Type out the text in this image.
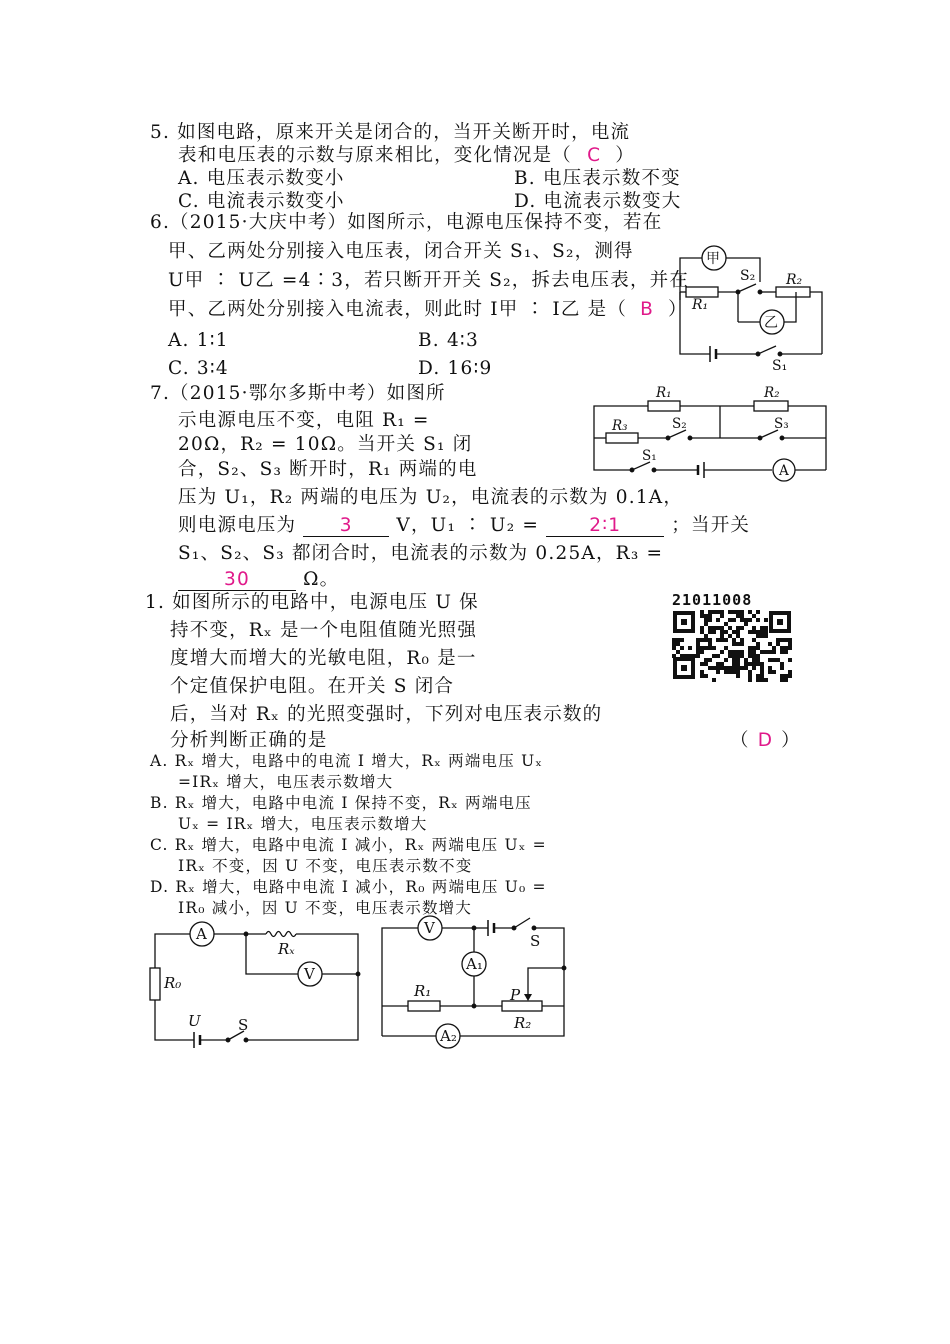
5. 如图电路，原来开关是闭合的，当开关断开时，电流
表和电压表的示数与原来相比，变化情况是（ C ）
A. 电压表示数变小	B. 电压表示数不变
C. 电流表示数变小	D. 电流表示数变大
6.（2015·大庆中考）如图所示，电源电压保持不变，若在
甲、乙两处分别接入电压表，闭合开关 S₁、S₂，测得
U甲 ∶ U乙 =4∶3，若只断开开关 S₂，拆去电压表，并在
甲、乙两处分别接入电流表，则此时 I甲 ∶ I乙 是（ B ）
A. 1∶1	B. 4∶3
C. 3∶4	D. 16∶9
甲
乙
R₁
R₂
S₂
S₁
7.（2015·鄂尔多斯中考）如图所
示电源电压不变，电阻 R₁ =
20Ω，R₂ = 10Ω。当开关 S₁ 闭
合，S₂、S₃ 断开时，R₁ 两端的电
压为 U₁，R₂ 两端的电压为 U₂，电流表的示数为 0.1A，
则电源电压为 3 V，U₁ ∶ U₂ =	2∶1	；当开关
S₁、S₂、S₃ 都闭合时，电流表的示数为 0.25A，R₃ =
30	Ω。
R₁	R₂
R₃	S₂	S₃
S₁
A
1. 如图所示的电路中，电源电压 U 保
持不变，Rₓ 是一个电阻值随光照强
度增大而增大的光敏电阻，R₀ 是一
个定值保护电阻。在开关 S 闭合
后，当对 Rₓ 的光照变强时，下列对电压表示数的
分析判断正确的是	（ D ）
A. Rₓ 增大，电路中的电流 I 增大，Rₓ 两端电压 Uₓ
=IRₓ 增大，电压表示数增大
B. Rₓ 增大，电路中电流 I 保持不变，Rₓ 两端电压
Uₓ = IRₓ 增大，电压表示数增大
C. Rₓ 增大，电路中电流 I 减小，Rₓ 两端电压 Uₓ =
IRₓ 不变，因 U 不变，电压表示数不变
D. Rₓ 增大，电路中电流 I 减小，R₀ 两端电压 U₀ =
IR₀ 减小，因 U 不变，电压表示数增大
21011008
A
V
Rₓ
R₀
U S
V
A₁
A₂
R₁
R₂
P
S
